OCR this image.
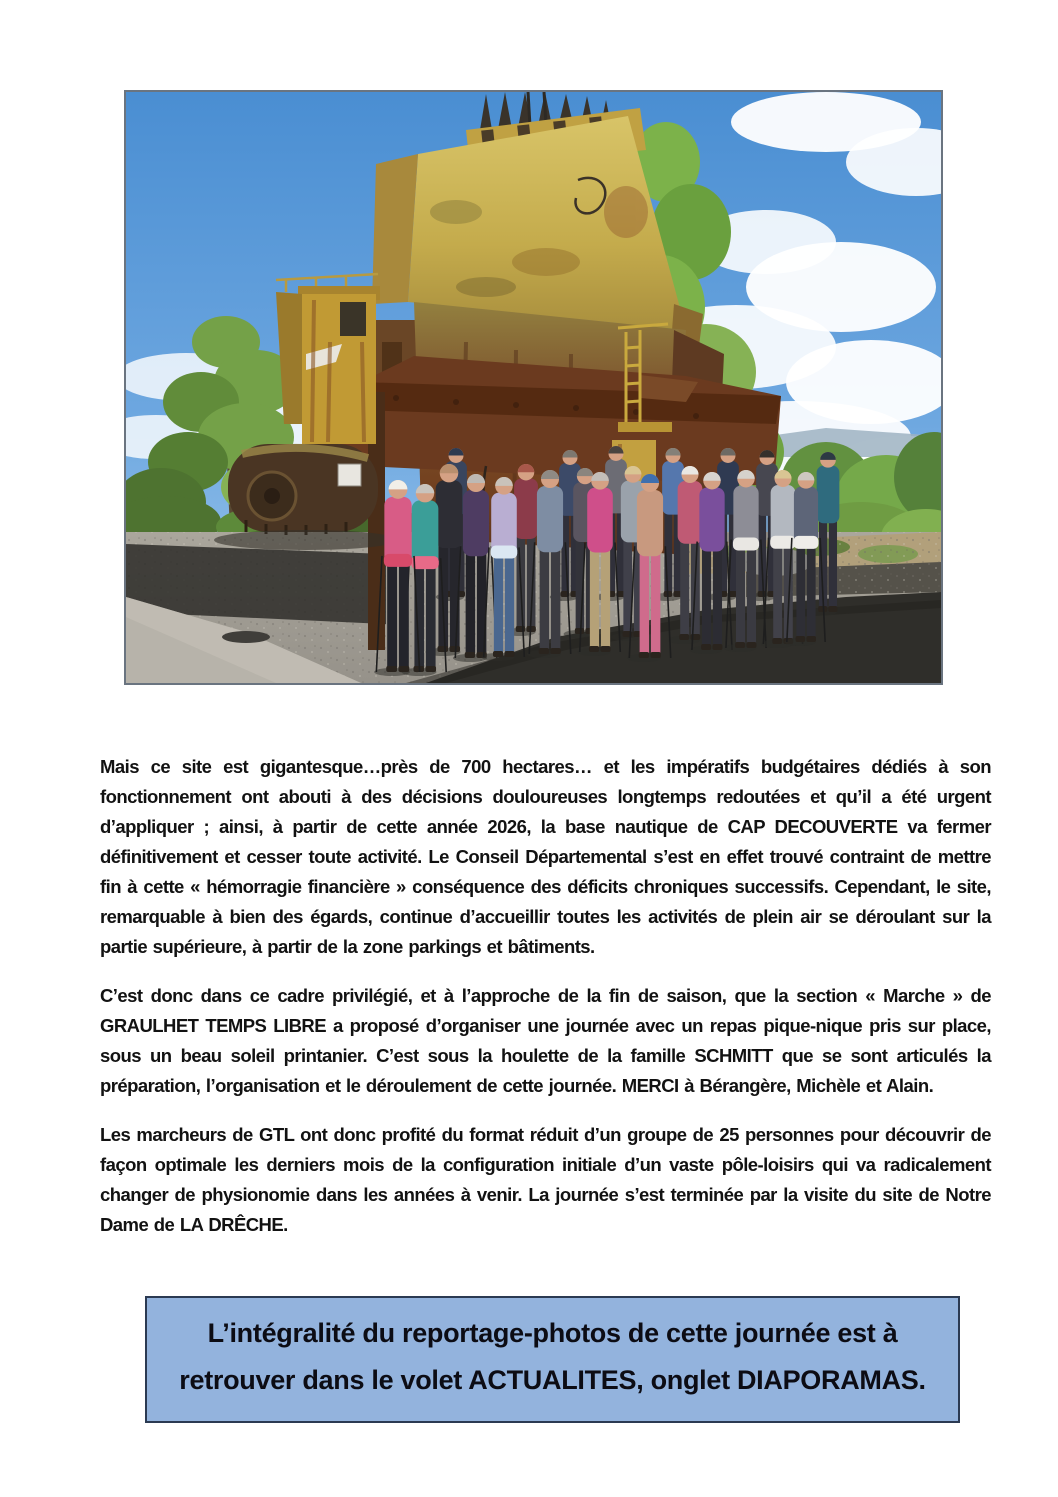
Mais ce site est gigantesque…près de 700 hectares… et les impératifs budgétaires dédiés à son fonctionnement ont abouti à des décisions douloureuses longtemps redoutées et qu’il a été urgent d’appliquer ; ainsi, à partir de cette année 2026, la base nautique de CAP DECOUVERTE va fermer définitivement et cesser toute activité. Le Conseil Départemental s’est en effet trouvé contraint de mettre fin à cette « hémorragie financière » conséquence des déficits chroniques successifs. Cependant, le site, remarquable à bien des égards, continue d’accueillir toutes les activités de plein air se déroulant sur la partie supérieure, à partir de la zone parkings et bâtiments.

C’est donc dans ce cadre privilégié, et à l’approche de la fin de saison, que la section « Marche » de GRAULHET TEMPS LIBRE a proposé d’organiser une journée avec un repas pique-nique pris sur place, sous un beau soleil printanier. C’est sous la houlette de la famille SCHMITT que se sont articulés la préparation, l’organisation et le déroulement de cette journée. MERCI à Bérangère, Michèle et Alain.

Les marcheurs de GTL ont donc profité du format réduit d’un groupe de 25 personnes pour découvrir de façon optimale les derniers mois de la configuration initiale d’un vaste pôle-loisirs qui va radicalement changer de physionomie dans les années à venir. La journée s’est terminée par la visite du site de Notre Dame de LA DRÊCHE.

L’intégralité du reportage-photos de cette journée est à
retrouver dans le volet ACTUALITES, onglet DIAPORAMAS.
